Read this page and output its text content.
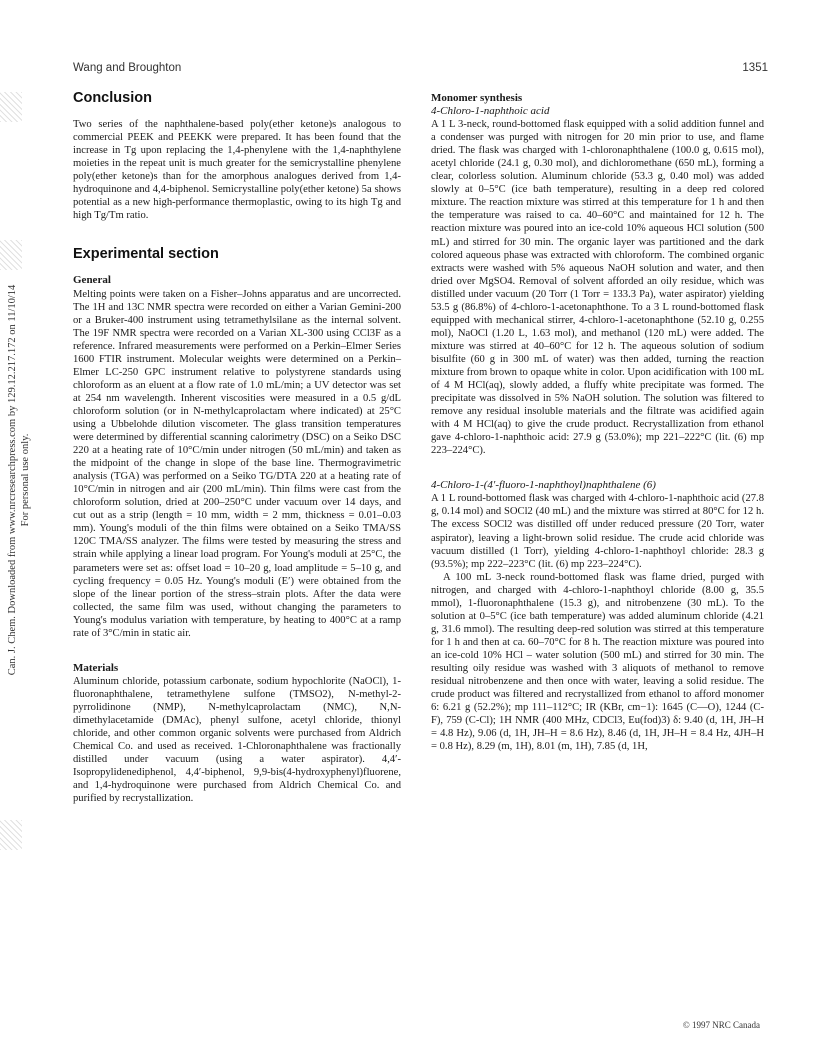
Wang and Broughton	1351
Can. J. Chem. Downloaded from www.nrcresearchpress.com by 129.12.217.172 on 11/10/14 For personal use only.
Conclusion

Two series of the naphthalene-based poly(ether ketone)s analogous to commercial PEEK and PEEKK were prepared. It has been found that the increase in Tg upon replacing the 1,4-phenylene with the 1,4-naphthylene moieties in the repeat unit is much greater for the semicrystalline phenylene poly(ether ketone)s than for the amorphous analogues derived from 1,4-hydroquinone and 4,4-biphenol. Semicrystalline poly(ether ketone) 5a shows potential as a new high-performance thermoplastic, owing to its high Tg and high Tg/Tm ratio.

Experimental section
General

Melting points were taken on a Fisher–Johns apparatus and are uncorrected. The 1H and 13C NMR spectra were recorded on either a Varian Gemini-200 or a Bruker-400 instrument using tetramethylsilane as the internal solvent. The 19F NMR spectra were recorded on a Varian XL-300 using CCl3F as a reference. Infrared measurements were performed on a Perkin–Elmer Series 1600 FTIR instrument. Molecular weights were determined on a Perkin–Elmer LC-250 GPC instrument relative to polystyrene standards using chloroform as an eluent at a flow rate of 1.0 mL/min; a UV detector was set at 254 nm wavelength. Inherent viscosities were measured in a 0.5 g/dL chloroform solution (or in N-methylcaprolactam where indicated) at 25°C using a Ubbelohde dilution viscometer. The glass transition temperatures were determined by differential scanning calorimetry (DSC) on a Seiko DSC 220 at a heating rate of 10°C/min under nitrogen (50 mL/min) and taken as the midpoint of the change in slope of the base line. Thermogravimetric analysis (TGA) was performed on a Seiko TG/DTA 220 at a heating rate of 10°C/min in nitrogen and air (200 mL/min). Thin films were cast from the chloroform solution, dried at 200–250°C under vacuum over 14 days, and cut out as a strip (length = 10 mm, width = 2 mm, thickness = 0.01–0.03 mm). Young's moduli of the thin films were obtained on a Seiko TMA/SS 120C TMA/SS analyzer. The films were tested by measuring the stress and strain while applying a linear load program. For Young's moduli at 25°C, the parameters were set as: offset load = 10–20 g, load amplitude = 5–10 g, and cycling frequency = 0.05 Hz. Young's moduli (E′) were obtained from the slope of the linear portion of the stress–strain plots. After the data were collected, the same film was used, without changing the parameters to Young's modulus variation with temperature, by heating to 400°C at a ramp rate of 3°C/min in static air.

Materials

Aluminum chloride, potassium carbonate, sodium hypochlorite (NaOCl), 1-fluoronaphthalene, tetramethylene sulfone (TMSO2), N-methyl-2-pyrrolidinone (NMP), N-methylcaprolactam (NMC), N,N-dimethylacetamide (DMAc), phenyl sulfone, acetyl chloride, thionyl chloride, and other common organic solvents were purchased from Aldrich Chemical Co. and used as received. 1-Chloronaphthalene was fractionally distilled under vacuum (using a water aspirator). 4,4′-Isopropylidenediphenol, 4,4′-biphenol, 9,9-bis(4-hydroxyphenyl)fluorene, and 1,4-hydroquinone were purchased from Aldrich Chemical Co. and purified by recrystallization.

Monomer synthesis
4-Chloro-1-naphthoic acid

A 1 L 3-neck, round-bottomed flask equipped with a solid addition funnel and a condenser was purged with nitrogen for 20 min prior to use, and flame dried. The flask was charged with 1-chloronaphthalene (100.0 g, 0.615 mol), acetyl chloride (24.1 g, 0.30 mol), and dichloromethane (650 mL), forming a clear, colorless solution. Aluminum chloride (53.3 g, 0.40 mol) was added slowly at 0–5°C (ice bath temperature), resulting in a deep red colored mixture. The reaction mixture was stirred at this temperature for 1 h and then the temperature was raised to ca. 40–60°C and maintained for 12 h. The reaction mixture was poured into an ice-cold 10% aqueous HCl solution (500 mL) and stirred for 30 min. The organic layer was partitioned and the dark colored aqueous phase was extracted with chloroform. The combined organic extracts were washed with 5% aqueous NaOH solution and water, and then dried over MgSO4. Removal of solvent afforded an oily residue, which was distilled under vacuum (20 Torr (1 Torr = 133.3 Pa), water aspirator) yielding 53.5 g (86.8%) of 4-chloro-1-acetonaphthone. To a 3 L round-bottomed flask equipped with mechanical stirrer, 4-chloro-1-acetonaphthone (52.10 g, 0.255 mol), NaOCl (1.20 L, 1.63 mol), and methanol (120 mL) were added. The mixture was stirred at 40–60°C for 12 h. The aqueous solution of sodium bisulfite (60 g in 300 mL of water) was then added, turning the reaction mixture from brown to opaque white in color. Upon acidification with 100 mL of 4 M HCl(aq), slowly added, a fluffy white precipitate was formed. The precipitate was dissolved in 5% NaOH solution. The solution was filtered to remove any residual insoluble materials and the filtrate was acidified again with 4 M HCl(aq) to give the crude product. Recrystallization from ethanol gave 4-chloro-1-naphthoic acid: 27.9 g (53.0%); mp 221–222°C (lit. (6) mp 223–224°C).

4-Chloro-1-(4′-fluoro-1-naphthoyl)naphthalene (6)

A 1 L round-bottomed flask was charged with 4-chloro-1-naphthoic acid (27.8 g, 0.14 mol) and SOCl2 (40 mL) and the mixture was stirred at 80°C for 12 h. The excess SOCl2 was distilled off under reduced pressure (20 Torr, water aspirator), leaving a light-brown solid residue. The crude acid chloride was vacuum distilled (1 Torr), yielding 4-chloro-1-naphthoyl chloride: 28.3 g (93.5%); mp 222–223°C (lit. (6) mp 223–224°C).

A 100 mL 3-neck round-bottomed flask was flame dried, purged with nitrogen, and charged with 4-chloro-1-naphthoyl chloride (8.00 g, 35.5 mmol), 1-fluoronaphthalene (15.3 g), and nitrobenzene (30 mL). To the solution at 0–5°C (ice bath temperature) was added aluminum chloride (4.21 g, 31.6 mmol). The resulting deep-red solution was stirred at this temperature for 1 h and then at ca. 60–70°C for 8 h. The reaction mixture was poured into an ice-cold 10% HCl – water solution (500 mL) and stirred for 30 min. The resulting oily residue was washed with 3 aliquots of methanol to remove residual nitrobenzene and then once with water, leaving a solid residue. The crude product was filtered and recrystallized from ethanol to afford monomer 6: 6.21 g (52.2%); mp 111–112°C; IR (KBr, cm−1): 1645 (C—O), 1244 (C-F), 759 (C-Cl); 1H NMR (400 MHz, CDCl3, Eu(fod)3) δ: 9.40 (d, 1H, JH–H = 4.8 Hz), 9.06 (d, 1H, JH–H = 8.6 Hz), 8.46 (d, 1H, JH–H = 8.4 Hz, 4JH–H = 0.8 Hz), 8.29 (m, 1H), 8.01 (m, 1H), 7.85 (d, 1H,

© 1997 NRC Canada
